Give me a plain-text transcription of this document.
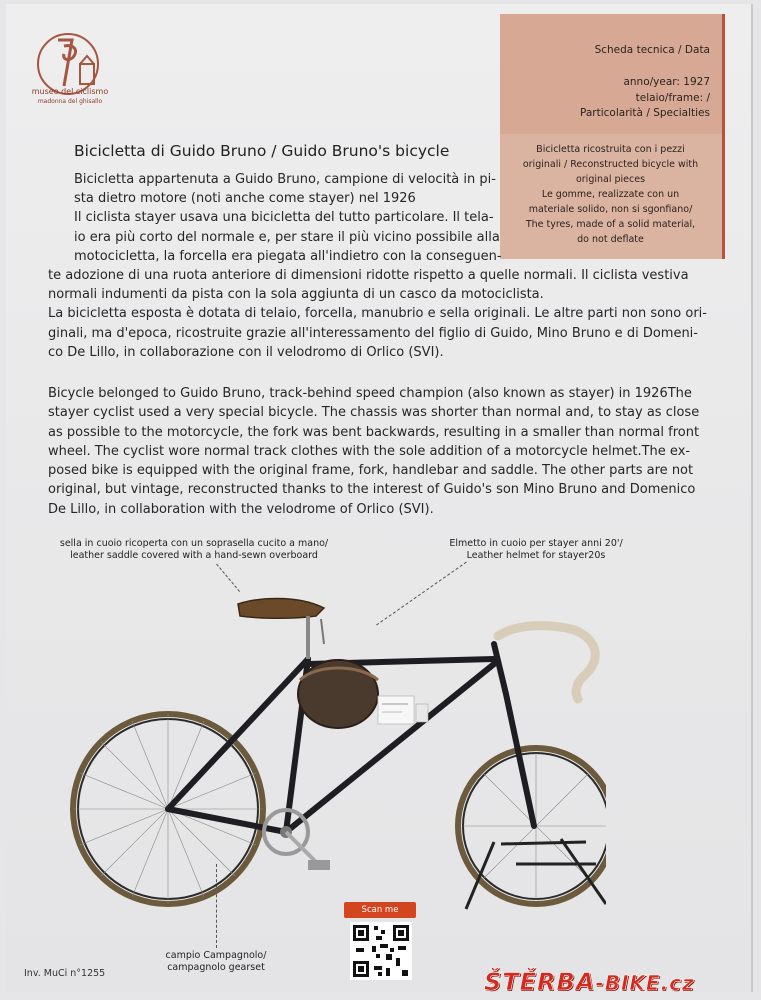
museo del ciclismo
madonna del ghisallo
Scheda tecnica / Data
anno/year: 1927
telaio/frame: /
Particolarità / Specialties
Bicicletta ricostruita con i pezzi
originali / Reconstructed bicycle with
original pieces
Le gomme, realizzate con un
materiale solido, non si sgonfiano/
The tyres, made of a solid material,
do not deflate
Bicicletta di Guido Bruno / Guido Bruno's bicycle

Bicicletta appartenuta a Guido Bruno, campione di velocità in pi-

sta dietro motore (noti anche come stayer) nel 1926

Il ciclista stayer usava una bicicletta del tutto particolare. Il tela-

io era più corto del normale e, per stare il più vicino possibile alla

motocicletta, la forcella era piegata all'indietro con la conseguen-

te adozione di una ruota anteriore di dimensioni ridotte rispetto a quelle normali. Il ciclista vestiva

normali indumenti da pista con la sola aggiunta di un casco da motociclista.

La bicicletta esposta è dotata di telaio, forcella, manubrio e sella originali. Le altre parti non sono ori-

ginali, ma d'epoca, ricostruite grazie all'interessamento del figlio di Guido, Mino Bruno e di Domeni-

co De Lillo, in collaborazione con il velodromo di Orlico (SVI).

Bicycle belonged to Guido Bruno, track-behind speed champion (also known as stayer) in 1926The
stayer cyclist used a very special bicycle. The chassis was shorter than normal and, to stay as close
as possible to the motorcycle, the fork was bent backwards, resulting in a smaller than normal front
wheel. The cyclist wore normal track clothes with the sole addition of a motorcycle helmet.The ex-
posed bike is equipped with the original frame, fork, handlebar and saddle. The other parts are not
original, but vintage, reconstructed thanks to the interest of Guido's son Mino Bruno and Domenico
De Lillo, in collaboration with the velodrome of Orlico (SVI).
sella in cuoio ricoperta con un soprasella cucito a mano/
leather saddle covered with a hand-sewn overboard
Elmetto in cuoio per stayer anni 20'/
Leather helmet for stayer20s
campio Campagnolo/
campagnolo gearset
Inv. MuCi n°1255
Scan me
ŠTĚRBA-BIKE.cz
